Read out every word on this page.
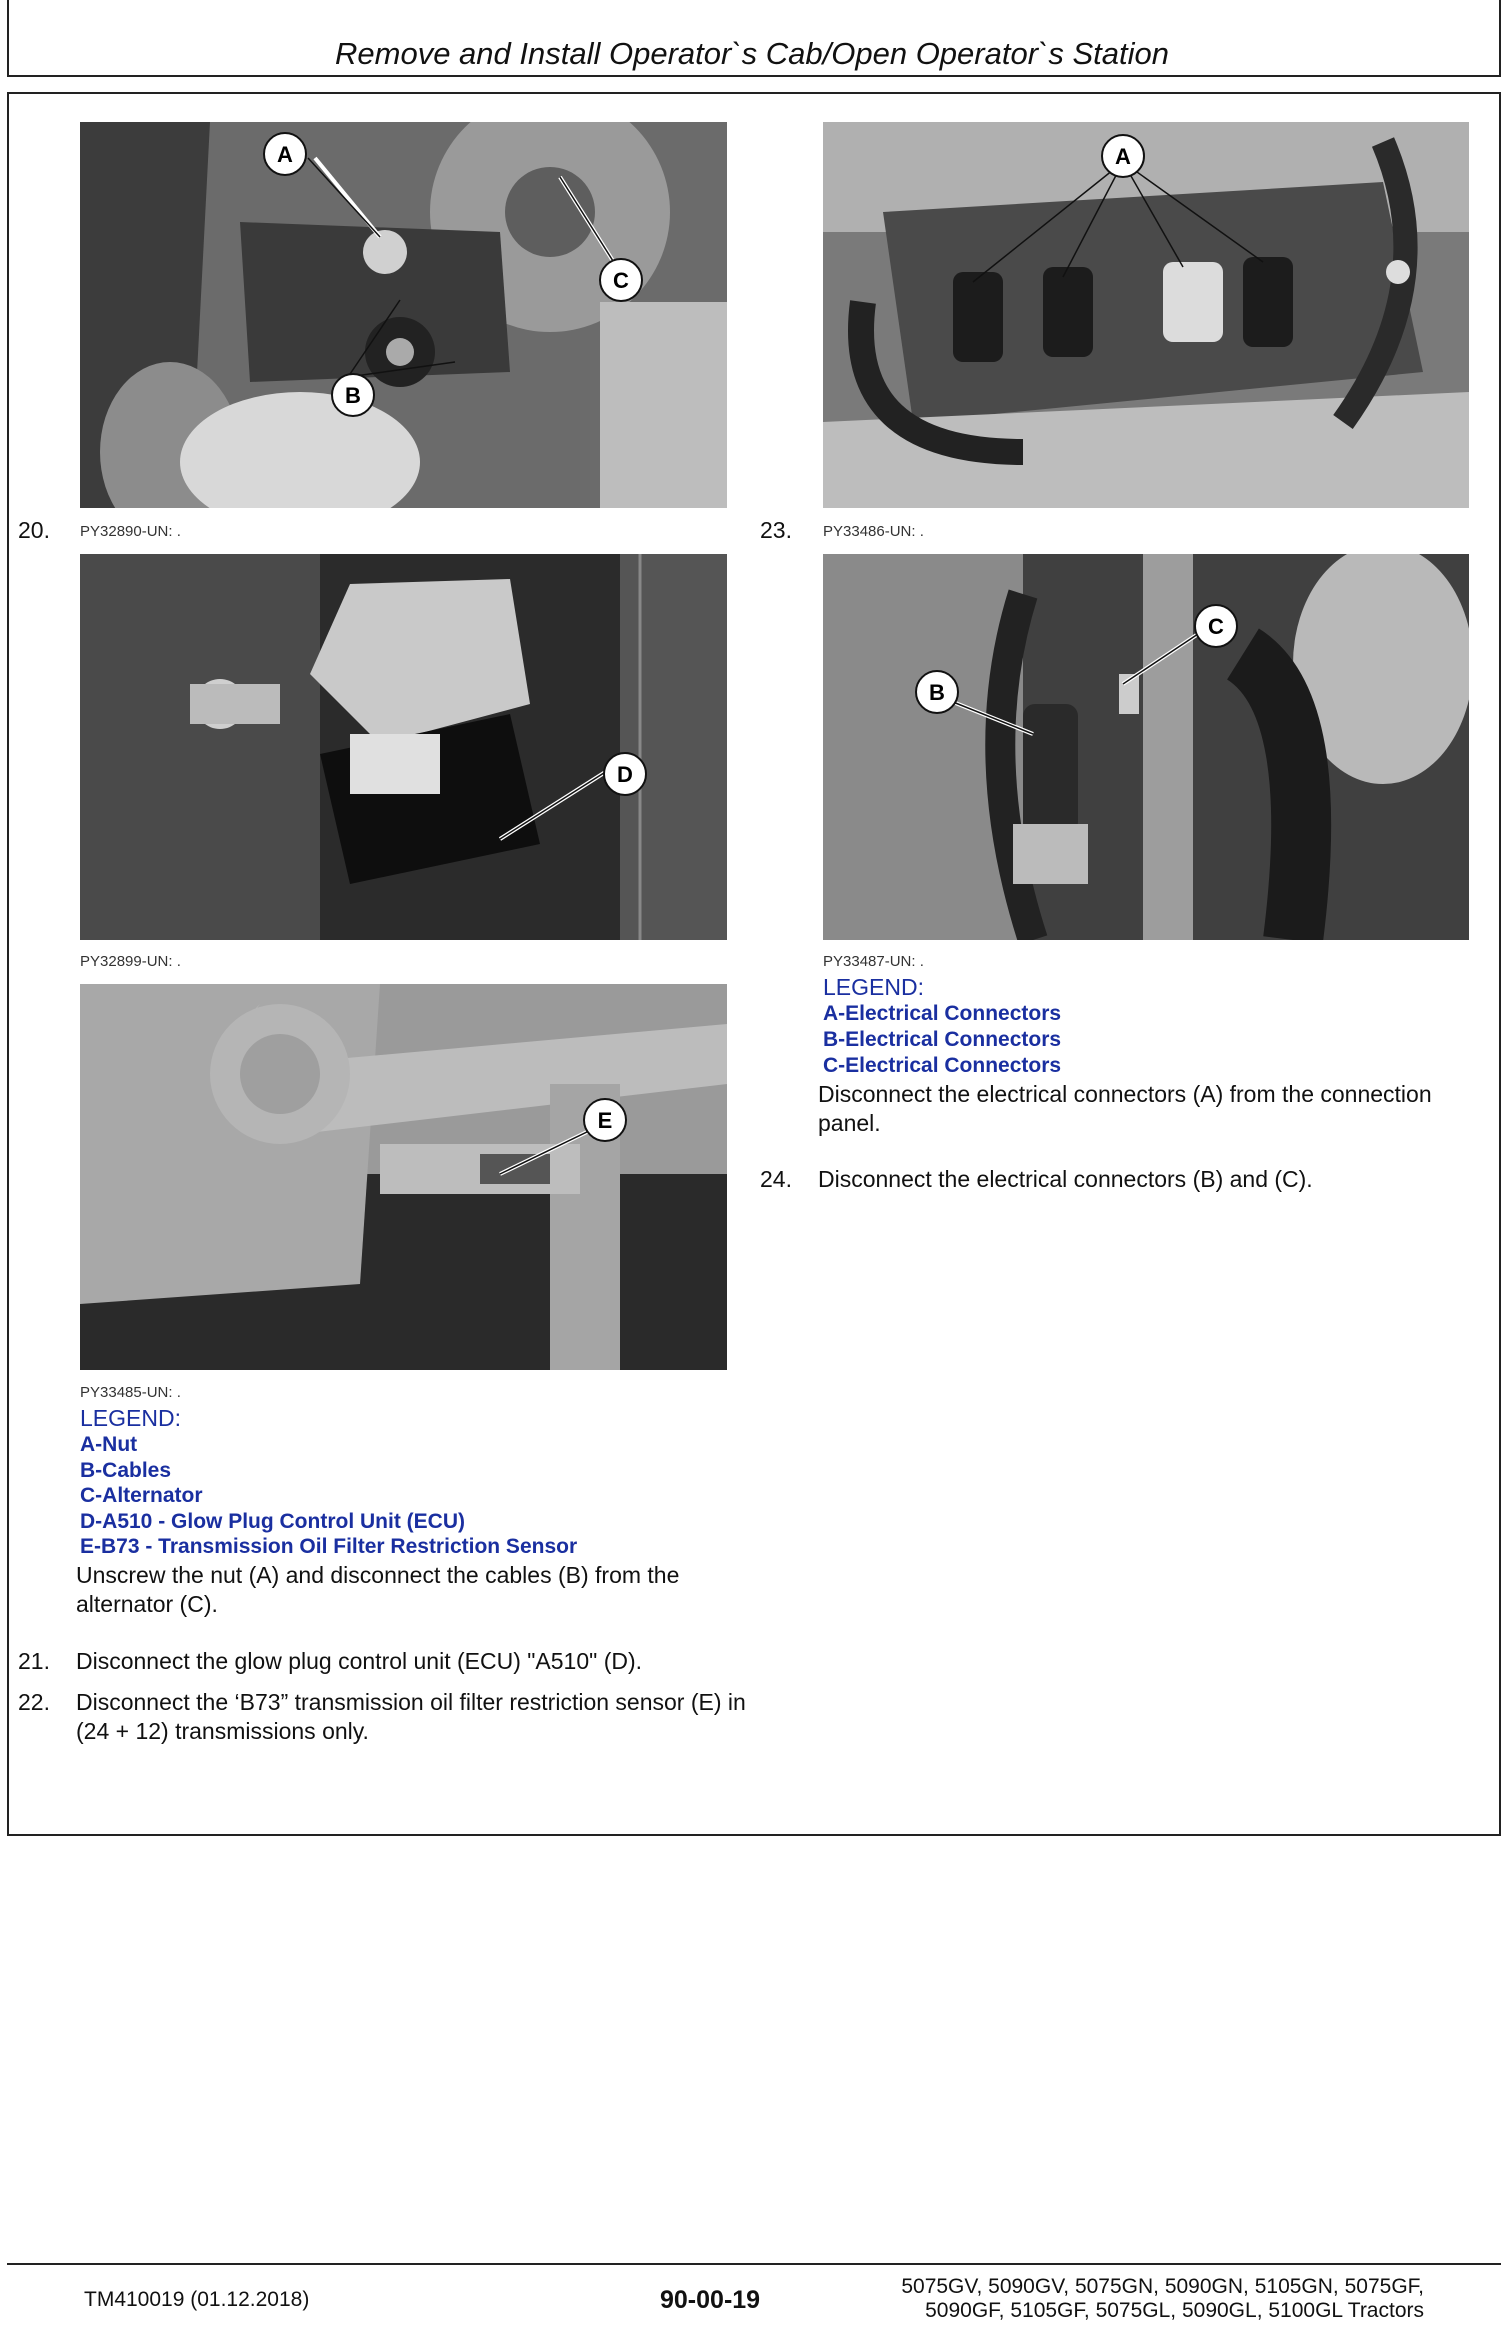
Remove and Install Operator`s Cab/Open Operator`s Station
A
C
B
20. PY32890-UN: .
D
PY32899-UN: .
E
PY33485-UN: .
LEGEND:
A-Nut
B-Cables
C-Alternator
D-A510 - Glow Plug Control Unit (ECU)
E-B73 - Transmission Oil Filter Restriction Sensor
Unscrew the nut (A) and disconnect the cables (B) from the alternator (C).
21. Disconnect the glow plug control unit (ECU) "A510" (D).
22. Disconnect the ‘B73” transmission oil filter restriction sensor (E) in (24 + 12) transmissions only.
A
23. PY33486-UN: .
B
C
PY33487-UN: .
LEGEND:
A-Electrical Connectors
B-Electrical Connectors
C-Electrical Connectors
Disconnect the electrical connectors (A) from the connection panel.
24. Disconnect the electrical connectors (B) and (C).
TM410019 (01.12.2018)	90-00-19	5075GV, 5090GV, 5075GN, 5090GN, 5105GN, 5075GF,
5090GF, 5105GF, 5075GL, 5090GL, 5100GL Tractors
